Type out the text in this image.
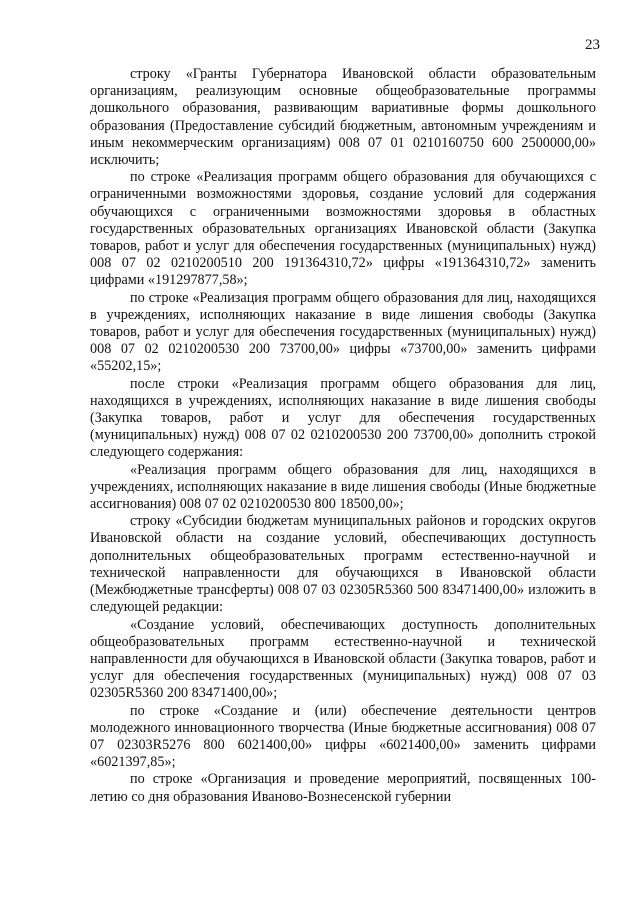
23

строку «Гранты Губернатора Ивановской области образовательным организациям, реализующим основные общеобразовательные программы дошкольного образования, развивающим вариативные формы дошкольного образования (Предоставление субсидий бюджетным, автономным учреждениям и иным некоммерческим организациям) 008 07 01 0210160750 600 2500000,00» исключить;

по строке «Реализация программ общего образования для обучающихся с ограниченными возможностями здоровья, создание условий для содержания обучающихся с ограниченными возможностями здоровья в областных государственных образовательных организациях Ивановской области (Закупка товаров, работ и услуг для обеспечения государственных (муниципальных) нужд) 008 07 02 0210200510 200 191364310,72» цифры «191364310,72» заменить цифрами «191297877,58»;

по строке «Реализация программ общего образования для лиц, находящихся в учреждениях, исполняющих наказание в виде лишения свободы (Закупка товаров, работ и услуг для обеспечения государственных (муниципальных) нужд) 008 07 02 0210200530 200 73700,00» цифры «73700,00» заменить цифрами «55202,15»;

после строки «Реализация программ общего образования для лиц, находящихся в учреждениях, исполняющих наказание в виде лишения свободы (Закупка товаров, работ и услуг для обеспечения государственных (муниципальных) нужд) 008 07 02 0210200530 200 73700,00» дополнить строкой следующего содержания:

«Реализация программ общего образования для лиц, находящихся в учреждениях, исполняющих наказание в виде лишения свободы (Иные бюджетные ассигнования) 008 07 02 0210200530 800 18500,00»;

строку «Субсидии бюджетам муниципальных районов и городских округов Ивановской области на создание условий, обеспечивающих доступность дополнительных общеобразовательных программ естественно-научной и технической направленности для обучающихся в Ивановской области (Межбюджетные трансферты) 008 07 03 02305R5360 500 83471400,00» изложить в следующей редакции:

«Создание условий, обеспечивающих доступность дополнительных общеобразовательных программ естественно-научной и технической направленности для обучающихся в Ивановской области (Закупка товаров, работ и услуг для обеспечения государственных (муниципальных) нужд) 008 07 03 02305R5360 200 83471400,00»;

по строке «Создание и (или) обеспечение деятельности центров молодежного инновационного творчества (Иные бюджетные ассигнования) 008 07 07 02303R5276 800 6021400,00» цифры «6021400,00» заменить цифрами «6021397,85»;

по строке «Организация и проведение мероприятий, посвященных 100-летию со дня образования Иваново-Вознесенской губернии
